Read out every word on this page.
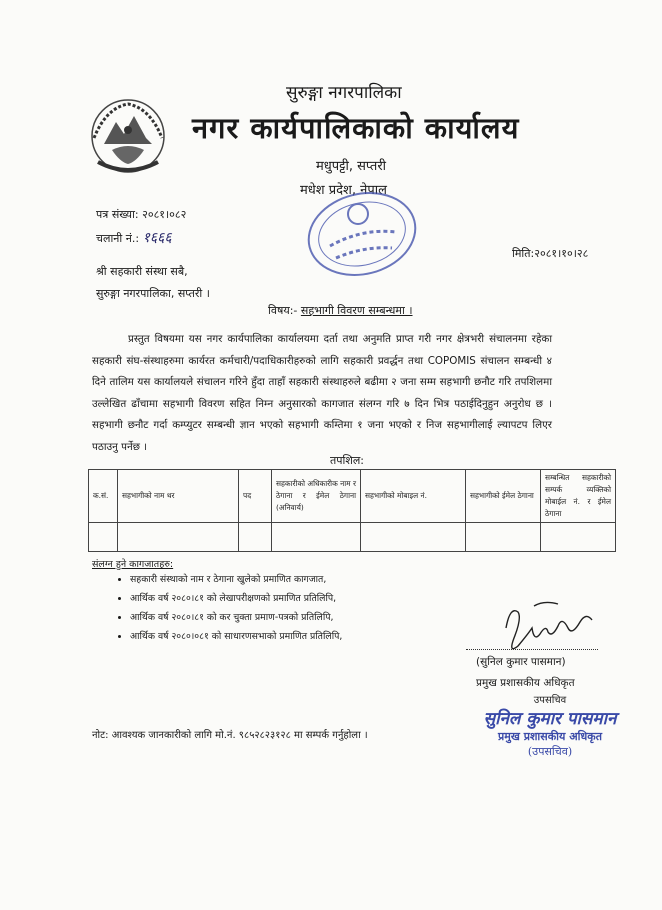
सुरुङ्गा नगरपालिका
नगर कार्यपालिकाको कार्यालय
मधुपट्टी, सप्तरी
मधेश प्रदेश, नेपाल
पत्र संख्या: २०८१।०८२
चलानी नं.: १६६६
मिति:२०८१।१०।२८
श्री सहकारी संस्था सबै,
सुरुङ्गा नगरपालिका, सप्तरी ।
विषय:- सहभागी विवरण सम्बन्धमा ।
प्रस्तुत विषयमा यस नगर कार्यपालिका कार्यालयमा दर्ता तथा अनुमति प्राप्त गरी नगर क्षेत्रभरी संचालनमा रहेका सहकारी संघ-संस्थाहरुमा कार्यरत कर्मचारी/पदाधिकारीहरुको लागि सहकारी प्रवर्द्धन तथा COPOMIS संचालन सम्बन्धी ४ दिने तालिम यस कार्यालयले संचालन गरिने हुँदा ताहाँ सहकारी संस्थाहरुले बढीमा २ जना सम्म सहभागी छनौट गरि तपशिलमा उल्लेखित ढाँचामा सहभागी विवरण सहित निम्न अनुसारको कागजात संलग्न गरि ७ दिन भित्र पठाईदिनुहुन अनुरोध छ । सहभागी छनौट गर्दा कम्प्युटर सम्बन्धी ज्ञान भएको सहभागी कम्तिमा १ जना भएको र निज सहभागीलाई ल्यापटप लिएर पठाउनु पर्नेछ ।
तपशिल:
क.सं.	सहभागीको नाम थर	पद	सहकारीको अधिकारीक नाम र ठेगाना र ईमेल ठेगाना (अनिवार्य)	सहभागीको मोबाइल नं.	सहभागीको ईमेल ठेगाना	सम्बन्धित सहकारीको सम्पर्क व्यक्तिको मोबाईल नं. र ईमेल ठेगाना

संलग्न हुने कागजातहरु:
• सहकारी संस्थाको नाम र ठेगाना खुलेको प्रमाणित कागजात,
• आर्थिक वर्ष २०८०।८१ को लेखापरीक्षणको प्रमाणित प्रतिलिपि,
• आर्थिक वर्ष २०८०।८१ को कर चुक्ता प्रमाण-पत्रको प्रतिलिपि,
• आर्थिक वर्ष २०८०।०८१ को साधारणसभाको प्रमाणित प्रतिलिपि,
(सुनिल कुमार पासमान)
प्रमुख प्रशासकीय अधिकृत
उपसचिव
सुनिल कुमार पासमान
प्रमुख प्रशासकीय अधिकृत
(उपसचिव)
नोट: आवश्यक जानकारीको लागि मो.नं. ९८५२८२३१२८ मा सम्पर्क गर्नुहोला ।
